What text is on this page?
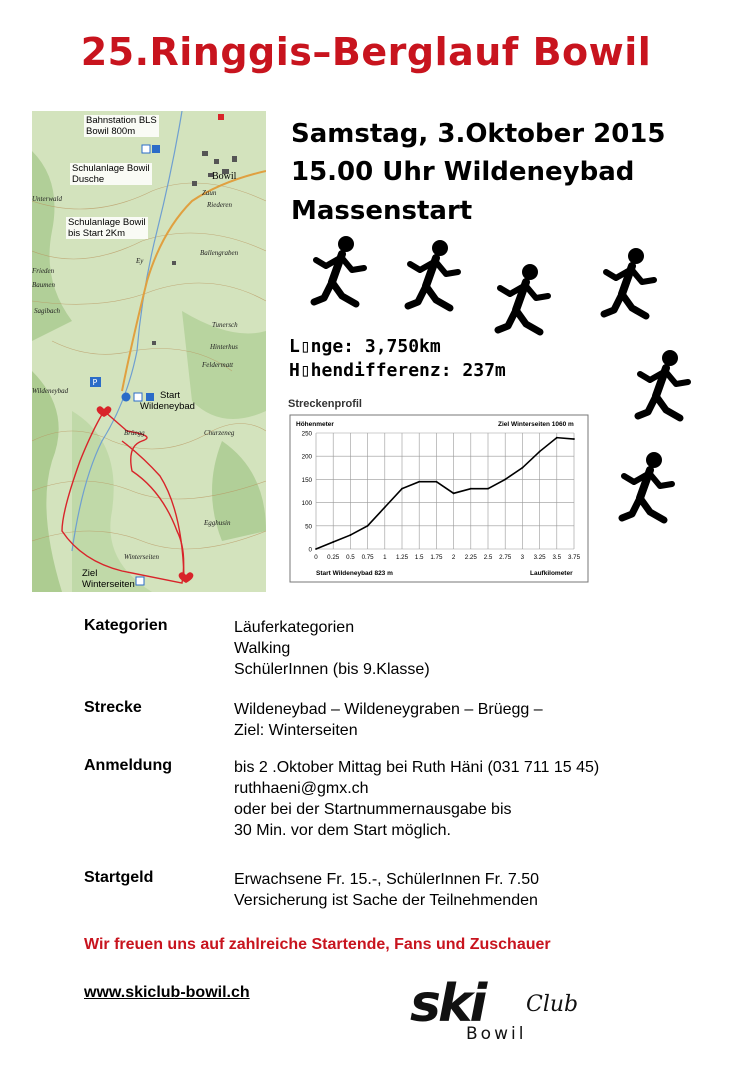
25.Ringgis–Berglauf Bowil
P
Bahnstation BLS
Bowil 800m
Schulanlage Bowil
Dusche
Schulanlage Bowil
bis Start 2Km
Start
Wildeneybad
Ziel
Winterseiten
Bowil
Zaun
Riederen
Ballengraben
Tunersch
Hinterhus
Churzeneg
Brüegg
Wildeneybad
Egghusin
Winterseiten
Baumen
Frieden
Unterwald
Ey
Sagibach
Feldermatt
Samstag, 3.Oktober 2015
15.00 Uhr Wildeneybad
Massenstart
L▯nge: 3,750km
H▯hendifferenz: 237m
Streckenprofil
Höhenmeter	Ziel Winterseiten 1060 m
Start Wildeneybad 823 m	Laufkilometer
0 0.25 0.5 0.75 1 1.25 1.5 1.75 2 2.25 2.5 2.75 3 3.25 3.5 3.75
0
50
100
150
200
250
Kategorien	Läuferkategorien
Walking
SchülerInnen (bis 9.Klasse)
Strecke	Wildeneybad – Wildeneygraben – Brüegg –
Ziel: Winterseiten
Anmeldung	bis 2 .Oktober Mittag bei Ruth Häni (031 711 15 45)
ruthhaeni@gmx.ch
oder bei der Startnummernausgabe bis
30 Min. vor dem Start möglich.
Startgeld	Erwachsene Fr. 15.-, SchülerInnen Fr. 7.50
Versicherung ist Sache der Teilnehmenden
Wir freuen uns auf zahlreiche Startende, Fans und Zuschauer
www.skiclub-bowil.ch	ski Club
Bowil
